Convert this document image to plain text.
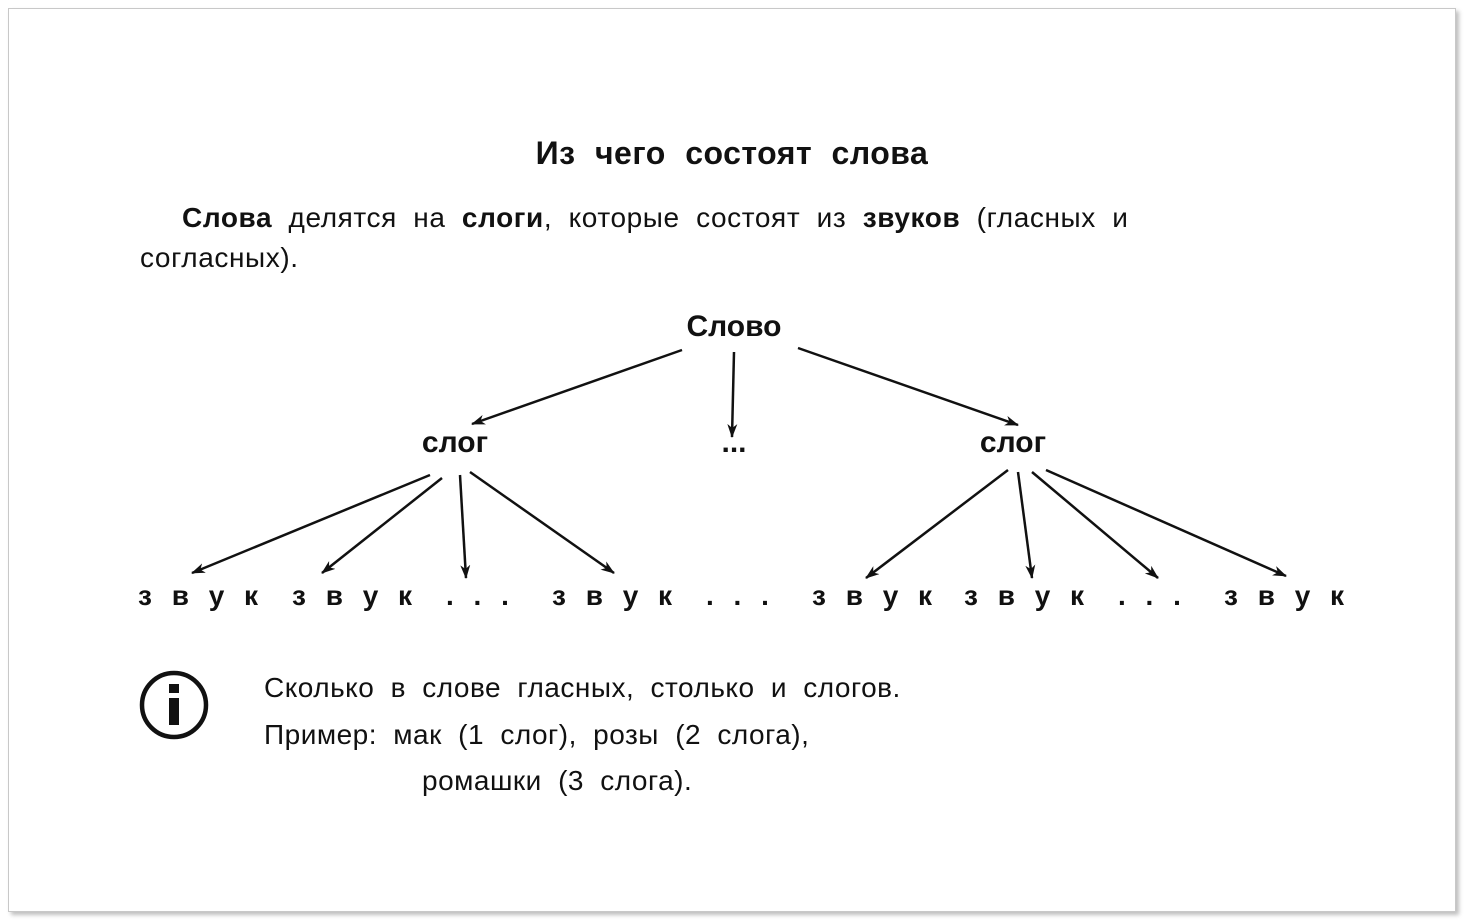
Из чего состоят слова
Слова делятся на слоги, которые состоят из звуков (гласных и согласных).
Слово
слог	...	слог
з в у к з в у к . . . з в у к . . . з в у к з в у к . . . з в у к
Сколько в слове гласных, столько и слогов.
Пример: мак (1 слог), розы (2 слога),
ромашки (3 слога).
